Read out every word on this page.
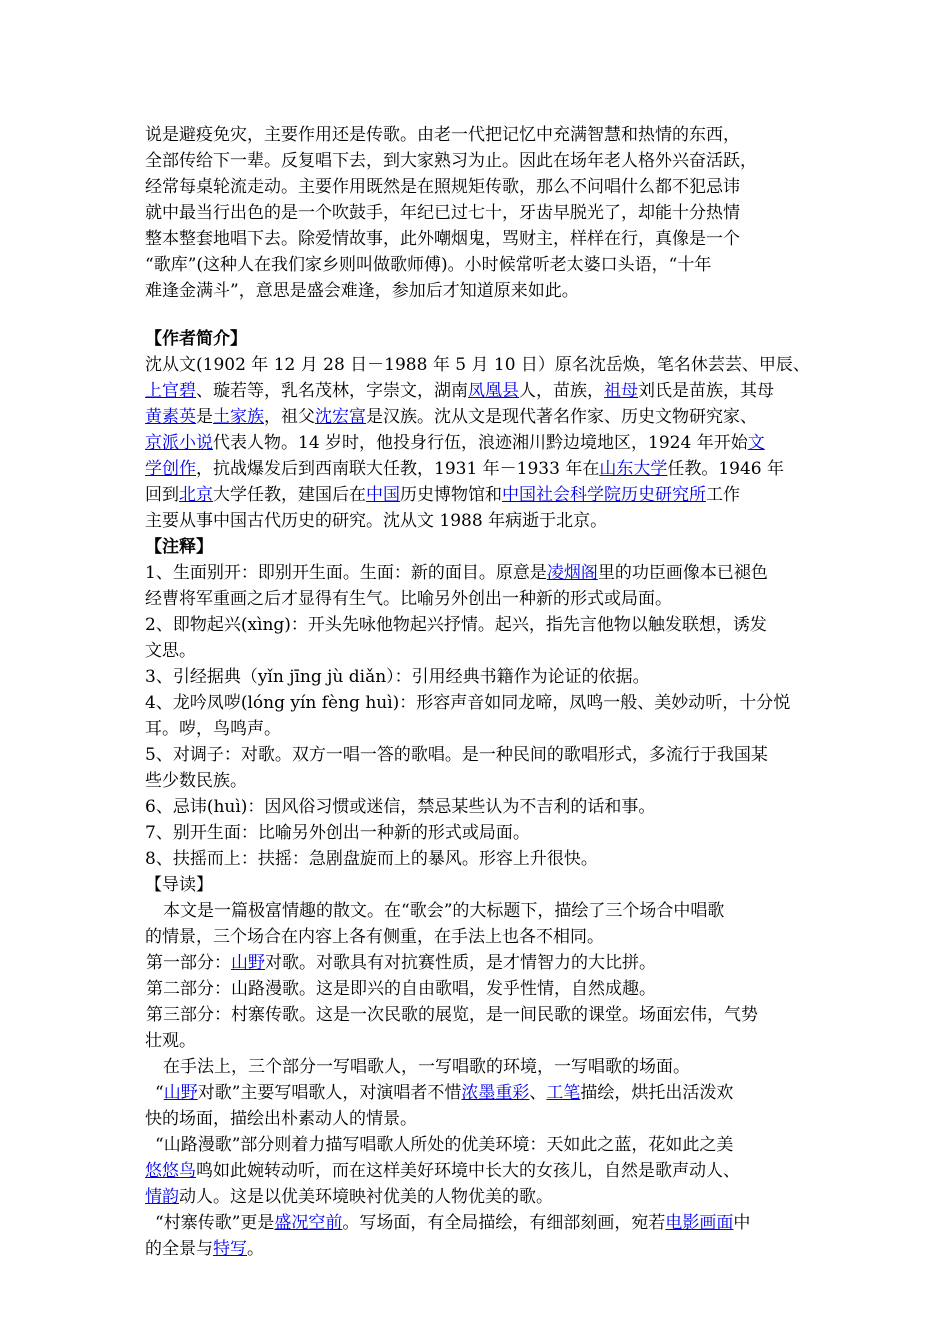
说是避疫免灾，主要作用还是传歌。由老一代把记忆中充满智慧和热情的东西，
全部传给下一辈。反复唱下去，到大家熟习为止。因此在场年老人格外兴奋活跃，
经常每桌轮流走动。主要作用既然是在照规矩传歌，那么不问唱什么都不犯忌讳
就中最当行出色的是一个吹鼓手，年纪已过七十，牙齿早脱光了，却能十分热情
整本整套地唱下去。除爱情故事，此外嘲烟鬼，骂财主，样样在行，真像是一个
“歌库”(这种人在我们家乡则叫做歌师傅)。小时候常听老太婆口头语，“十年
难逢金满斗”，意思是盛会难逢，参加后才知道原来如此。
【作者简介】
沈从文(1902 年 12 月 28 日－1988 年 5 月 10 日）原名沈岳焕，笔名休芸芸、甲辰、
上官碧、璇若等，乳名茂林，字崇文，湖南凤凰县人，苗族，祖母刘氏是苗族，其母
黄素英是土家族，祖父沈宏富是汉族。沈从文是现代著名作家、历史文物研究家、
京派小说代表人物。14 岁时，他投身行伍，浪迹湘川黔边境地区，1924 年开始文
学创作，抗战爆发后到西南联大任教，1931 年－1933 年在山东大学任教。1946 年
回到北京大学任教，建国后在中国历史博物馆和中国社会科学院历史研究所工作
主要从事中国古代历史的研究。沈从文 1988 年病逝于北京。
【注释】
1、生面别开：即别开生面。生面：新的面目。原意是凌烟阁里的功臣画像本已褪色
经曹将军重画之后才显得有生气。比喻另外创出一种新的形式或局面。
2、即物起兴(xìng)：开头先咏他物起兴抒情。起兴，指先言他物以触发联想，诱发
文思。
3、引经据典（yǐn jīng jù diǎn）：引用经典书籍作为论证的依据。
4、龙吟凤哕(lóng yín fèng huì)：形容声音如同龙啼，凤鸣一般、美妙动听，十分悦
耳。哕，鸟鸣声。
5、对调子：对歌。双方一唱一答的歌唱。是一种民间的歌唱形式，多流行于我国某
些少数民族。
6、忌讳(huì)：因风俗习惯或迷信，禁忌某些认为不吉利的话和事。
7、别开生面：比喻另外创出一种新的形式或局面。
8、扶摇而上：扶摇：急剧盘旋而上的暴风。形容上升很快。
【导读】
本文是一篇极富情趣的散文。在“歌会”的大标题下，描绘了三个场合中唱歌
的情景，三个场合在内容上各有侧重，在手法上也各不相同。
第一部分：山野对歌。对歌具有对抗赛性质，是才情智力的大比拼。
第二部分：山路漫歌。这是即兴的自由歌唱，发乎性情，自然成趣。
第三部分：村寨传歌。这是一次民歌的展览，是一间民歌的课堂。场面宏伟，气势
壮观。
在手法上，三个部分一写唱歌人，一写唱歌的环境，一写唱歌的场面。
“山野对歌”主要写唱歌人，对演唱者不惜浓墨重彩、工笔描绘，烘托出活泼欢
快的场面，描绘出朴素动人的情景。
“山路漫歌”部分则着力描写唱歌人所处的优美环境：天如此之蓝，花如此之美
悠悠鸟鸣如此婉转动听，而在这样美好环境中长大的女孩儿，自然是歌声动人、
情韵动人。这是以优美环境映衬优美的人物优美的歌。
“村寨传歌”更是盛况空前。写场面，有全局描绘，有细部刻画，宛若电影画面中
的全景与特写。
